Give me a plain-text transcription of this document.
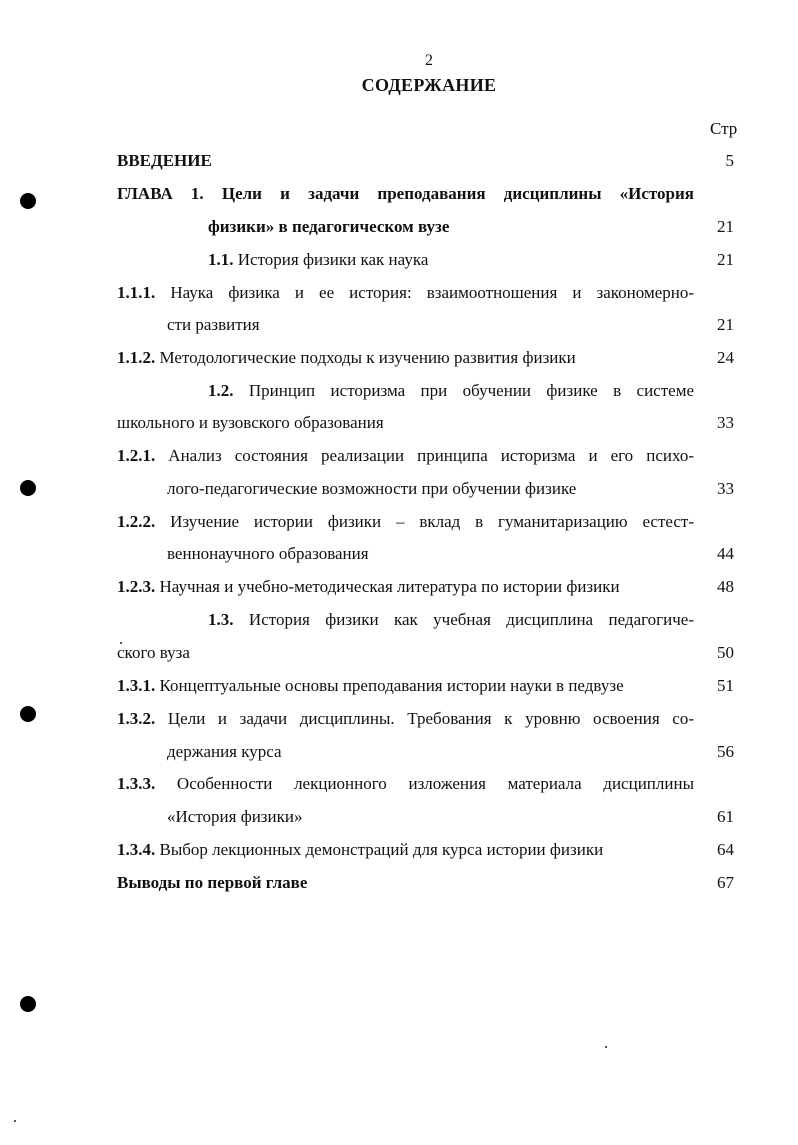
2
СОДЕРЖАНИЕ
Стр
ВВЕДЕНИЕ	5
ГЛАВА 1. Цели и задачи преподавания дисциплины «История
физики» в педагогическом вузе	21
1.1. История физики как наука	21
1.1.1. Наука физика и ее история: взаимоотношения и закономерно-
сти развития	21
1.1.2. Методологические подходы к изучению развития физики	24
1.2. Принцип историзма при обучении физике в системе
школьного и вузовского образования	33
1.2.1. Анализ состояния реализации принципа историзма и его психо-
лого-педагогические возможности при обучении физике	33
1.2.2. Изучение истории физики – вклад в гуманитаризацию естест-
веннонаучного образования	44
1.2.3. Научная и учебно-методическая литература по истории физики	48
1.3. История физики как учебная дисциплина педагогиче-
ского вуза	50
1.3.1. Концептуальные основы преподавания истории науки в педвузе	51
1.3.2. Цели и задачи дисциплины. Требования к уровню освоения со-
держания курса	56
1.3.3. Особенности лекционного изложения материала дисциплины
«История физики»	61
1.3.4. Выбор лекционных демонстраций для курса истории физики	64
Выводы по первой главе	67
